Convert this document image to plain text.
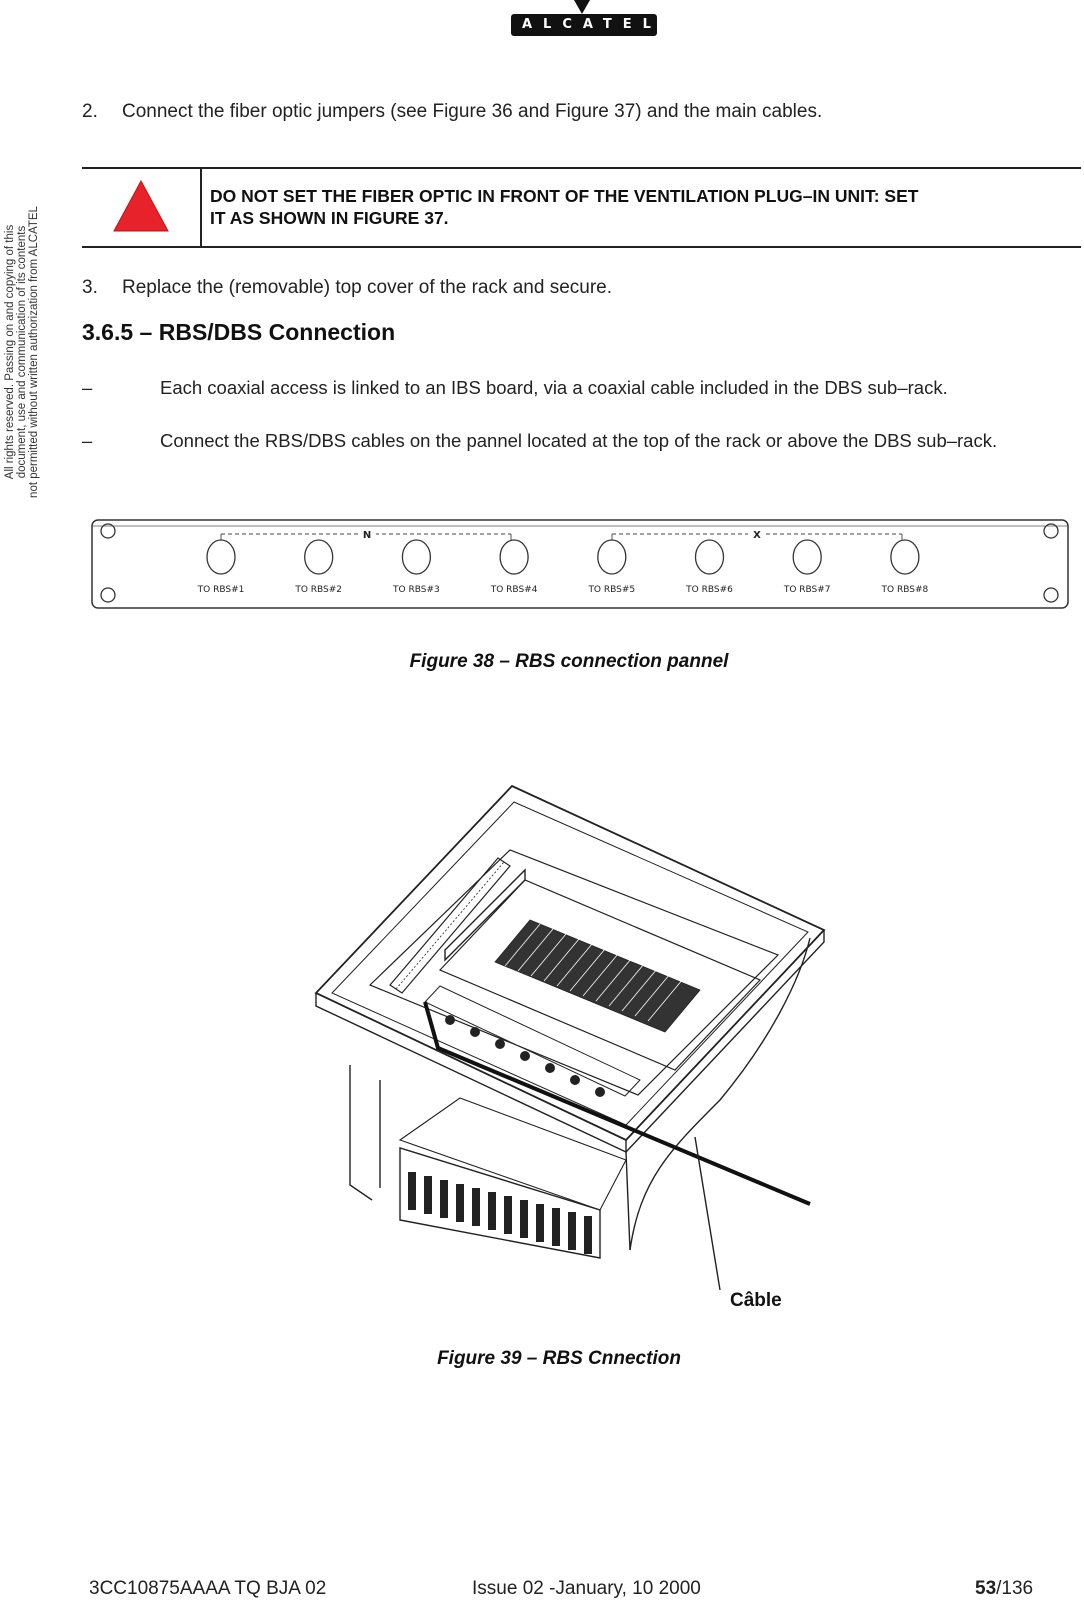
ALCATEL
All rights reserved. Passing on and copying of this document, use and communication of its contents not permitted without written authorization from ALCATEL
2. Connect the fiber optic jumpers (see Figure 36 and Figure 37) and the main cables.
DO NOT SET THE FIBER OPTIC IN FRONT OF THE VENTILATION PLUG–IN UNIT: SET
IT AS SHOWN IN FIGURE 37.
3. Replace the (removable) top cover of the rack and secure.
3.6.5 – RBS/DBS Connection
–	Each coaxial access is linked to an IBS board, via a coaxial cable included in the DBS sub–rack.
–	Connect the RBS/DBS cables on the pannel located at the top of the rack or above the DBS sub–rack.
N	X
TO RBS#1	TO RBS#2	TO RBS#3	TO RBS#4	TO RBS#5	TO RBS#6	TO RBS#7	TO RBS#8
Figure 38 – RBS connection pannel
Câble
Figure 39 – RBS Cnnection
3CC10875AAAA TQ BJA 02	Issue 02 -January, 10 2000	53/136
